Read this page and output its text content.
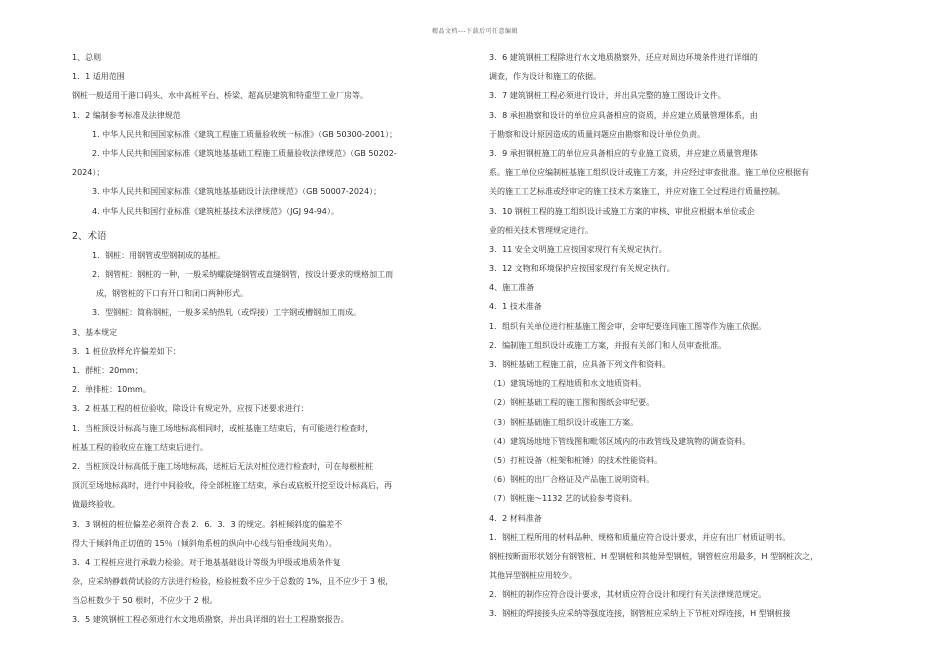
精品文档---下载后可任意编辑
1、总则
1．1 适用范围
钢桩一般适用于港口码头、水中高桩平台、桥梁、超高层建筑和特重型工业厂房等。
1．2 编制参考标准及法律规范
1. 中华人民共和国国家标准《建筑工程施工质量验收统一标准》（GB 50300-2001）；
2. 中华人民共和国国家标准《建筑地基基础工程施工质量验收法律规范》（GB 50202-
2024）；
3. 中华人民共和国国家标准《建筑地基基础设计法律规范》（GB 50007-2024）；
4. 中华人民共和国行业标准《建筑桩基技术法律规范》（JGJ 94-94）。
2、术语
1．钢桩：用钢管或型钢制成的基桩。
2．钢管桩：钢桩的一种，一般采纳螺旋缝钢管或直缝钢管，按设计要求的规格加工而
成，钢管桩的下口有开口和闭口两种形式。
3．型钢桩：简称钢桩，一般多采纳热轧（或焊接）工字钢或槽钢加工而成。
3、基本规定
3．1 桩位放样允许偏差如下：
1．群桩：20mm；
2．单排桩：10mm。
3．2 桩基工程的桩位验收，除设计有规定外，应按下述要求进行：
1．当桩顶设计标高与施工场地标高相同时，或桩基施工结束后，有可能进行检查时，
桩基工程的验收应在施工结束后进行。
2．当桩顶设计标高低于施工场地标高，送桩后无法对桩位进行检查时，可在每根桩桩
顶沉至场地标高时，进行中间验收，待全部桩施工结束，承台或底板开挖至设计标高后，再
做最终验收。
3．3 钢桩的桩位偏差必须符合表 2．6．3．3 的规定。斜桩倾斜度的偏差不
得大于倾斜角正切值的 15％（倾斜角系桩的纵向中心线与铅垂线间夹角）。
3．4 工程桩应进行承载力检验。对于地基基础设计等级为甲级或地质条件复
杂，应采纳静载荷试验的方法进行检验，检验桩数不应少于总数的 1%，且不应少于 3 根，
当总桩数少于 50 根时，不应少于 2 根。
3．5 建筑钢桩工程必须进行水文地质勘察，并出具详细的岩土工程勘察报告。
3．6 建筑钢桩工程除进行水文地质勘察外，还应对周边环境条件进行详细的
调查，作为设计和施工的依据。
3．7 建筑钢桩工程必须进行设计，并出具完整的施工图设计文件。
3．8 承担勘察和设计的单位应具备相应的资质，并应建立质量管理体系，由
于勘察和设计原因造成的质量问题应由勘察和设计单位负责。
3．9 承担钢桩施工的单位应具备相应的专业施工资质，并应建立质量管理体
系。施工单位应编制桩基施工组织设计或施工方案，并应经过审查批准。施工单位应根据有
关的施工工艺标准或经审定的施工技术方案施工，并应对施工全过程进行质量控制。
3．10 钢桩工程的施工组织设计或施工方案的审核、审批应根据本单位或企
业的相关技术管理规定进行。
3．11 安全文明施工应按国家现行有关规定执行。
3．12 文物和环境保护应按国家现行有关规定执行。
4、施工准备
4．1 技术准备
1．组织有关单位进行桩基施工图会审，会审纪要连同施工图等作为施工依据。
2．编制施工组织设计或施工方案，并报有关部门和人员审查批准。
3．钢桩基础工程施工前，应具备下列文件和资料。
（1）建筑场地的工程地质和水文地质资料。
（2）钢桩基础工程的施工图和图纸会审纪要。
（3）钢桩基础施工组织设计或施工方案。
（4）建筑场地地下管线图和毗邻区域内的市政管线及建筑物的调查资料。
（5）打桩设备（桩架和桩锤）的技术性能资料。
（6）钢桩的出厂合格证及产品施工说明资料。
（7）钢桩施～1132 艺的试验参考资料。
4．2 材料准备
1．钢桩工程所用的材料品种、规格和质量应符合设计要求，并应有出厂材质证明书。
钢桩按断面形状划分有钢管桩、H 型钢桩和其他异型钢桩，钢管桩应用最多，H 型钢桩次之，
其他异型钢桩应用较少。
2．钢桩的制作应符合设计要求，其材质应符合设计和现行有关法律规范规定。
3．钢桩的焊接接头应采纳等强度连接，钢管桩应采纳上下节桩对焊连接，H 型钢桩接
